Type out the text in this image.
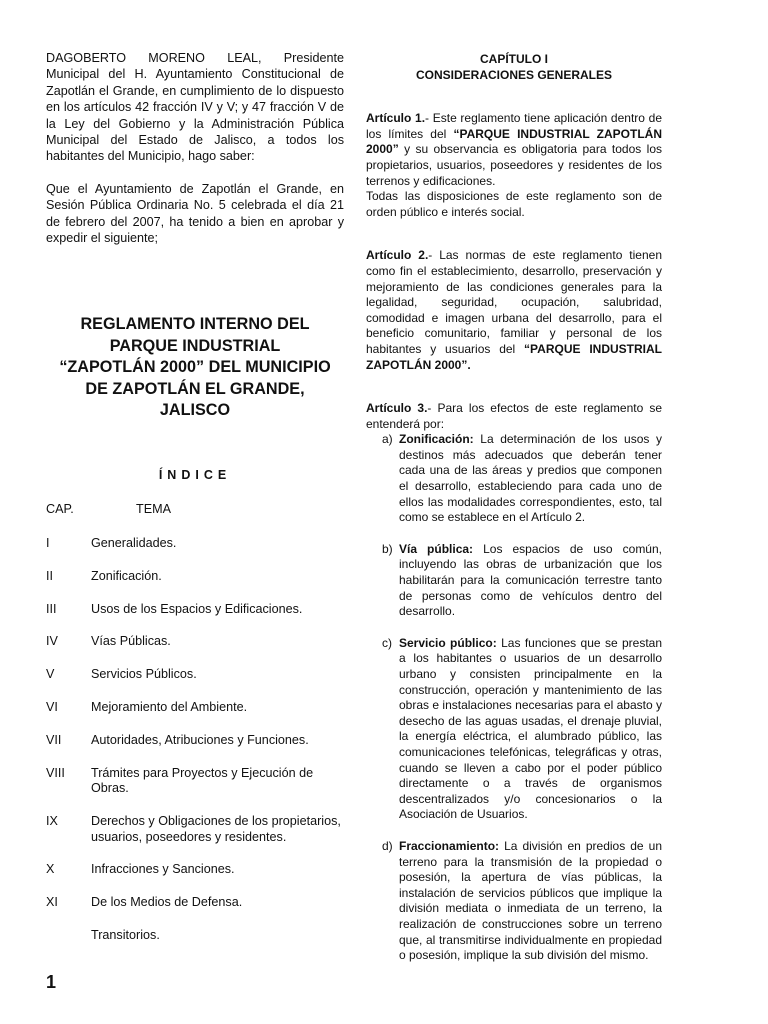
DAGOBERTO MORENO LEAL, Presidente Municipal del H. Ayuntamiento Constitucional de Zapotlán el Grande, en cumplimiento de lo dispuesto en los artículos 42 fracción IV y V; y 47 fracción V de la Ley del Gobierno y la Administración Pública Municipal del Estado de Jalisco, a todos los habitantes del Municipio, hago saber:

Que el Ayuntamiento de Zapotlán el Grande, en Sesión Pública Ordinaria No. 5 celebrada el día 21 de febrero del 2007, ha tenido a bien en aprobar y expedir el siguiente;

REGLAMENTO INTERNO DEL
PARQUE INDUSTRIAL
“ZAPOTLÁN 2000” DEL MUNICIPIO
DE ZAPOTLÁN EL GRANDE,
JALISCO
ÍNDICE
CAP.	TEMA
I	Generalidades.
II	Zonificación.
III	Usos de los Espacios y Edificaciones.
IV	Vías Públicas.
V	Servicios Públicos.
VI	Mejoramiento del Ambiente.
VII Autoridades, Atribuciones y Funciones.
VIII Trámites para Proyectos y Ejecución de Obras.
IX	Derechos y Obligaciones de los propietarios, usuarios, poseedores y residentes.
X	Infracciones y Sanciones.
XI	De los Medios de Defensa.
Transitorios.
1
CAPÍTULO I
CONSIDERACIONES GENERALES

Artículo 1.- Este reglamento tiene aplicación dentro de los límites del “PARQUE INDUSTRIAL ZAPOTLÁN 2000” y su observancia es obligatoria para todos los propietarios, usuarios, poseedores y residentes de los terrenos y edificaciones.

Todas las disposiciones de este reglamento son de orden público e interés social.

Artículo 2.- Las normas de este reglamento tienen como fin el establecimiento, desarrollo, preservación y mejoramiento de las condiciones generales para la legalidad, seguridad, ocupación, salubridad, comodidad e imagen urbana del desarrollo, para el beneficio comunitario, familiar y personal de los habitantes y usuarios del “PARQUE INDUSTRIAL ZAPOTLÁN 2000”.

Artículo 3.- Para los efectos de este reglamento se entenderá por:

a) Zonificación: La determinación de los usos y destinos más adecuados que deberán tener cada una de las áreas y predios que componen el desarrollo, estableciendo para cada uno de ellos las modalidades correspondientes, esto, tal como se establece en el Artículo 2.
b) Vía pública: Los espacios de uso común, incluyendo las obras de urbanización que los habilitarán para la comunicación terrestre tanto de personas como de vehículos dentro del desarrollo.
c) Servicio público: Las funciones que se prestan a los habitantes o usuarios de un desarrollo urbano y consisten principalmente en la construcción, operación y mantenimiento de las obras e instalaciones necesarias para el abasto y desecho de las aguas usadas, el drenaje pluvial, la energía eléctrica, el alumbrado público, las comunicaciones telefónicas, telegráficas y otras, cuando se lleven a cabo por el poder público directamente o a través de organismos descentralizados y/o concesionarios o la Asociación de Usuarios.
d) Fraccionamiento: La división en predios de un terreno para la transmisión de la propiedad o posesión, la apertura de vías públicas, la instalación de servicios públicos que implique la división mediata o inmediata de un terreno, la realización de construcciones sobre un terreno que, al transmitirse individualmente en propiedad o posesión, implique la sub división del mismo.
